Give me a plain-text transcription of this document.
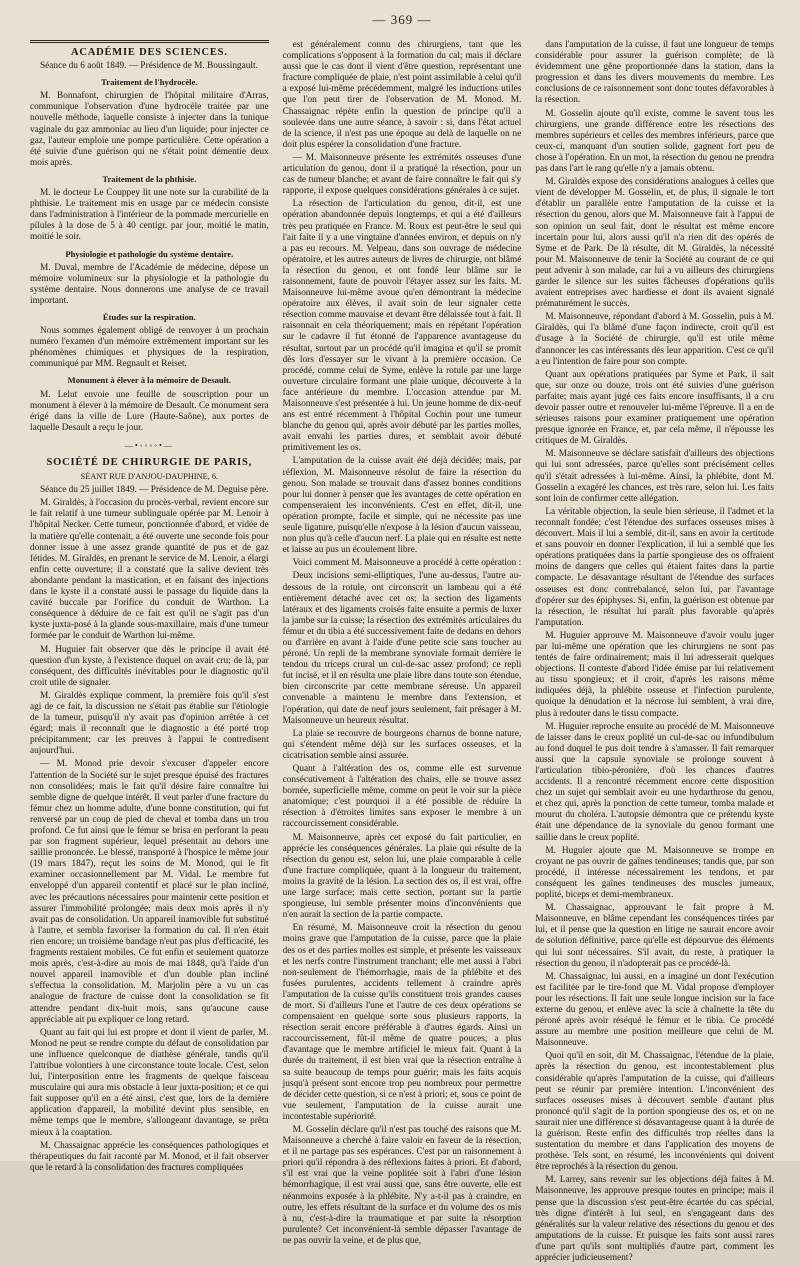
— 369 —
ACADÉMIE DES SCIENCES.

Séance du 6 août 1849. — Présidence de M. Boussingault.

Traitement de l'hydrocèle.

M. Bonnafont, chirurgien de l'hôpital militaire d'Arras, communique l'observation d'une hydrocèle traitée par une nouvelle méthode, laquelle consiste à injecter dans la tunique vaginale du gaz ammoniac au lieu d'un liquide; pour injecter ce gaz, l'auteur emploie une pompe particulière. Cette opération a été suivie d'une guérison qui ne s'était point démentie deux mois après.

Traitement de la phthisie.

M. le docteur Le Couppey lit une note sur la curabilité de la phthisie. Le traitement mis en usage par ce médecin consiste dans l'administration à l'intérieur de la pommade mercurielle en pilules à la dose de 5 à 40 centigr. par jour, moitié le matin, moitié le soir.

Physiologie et pathologie du système dentaire.

M. Duval, membre de l'Académie de médecine, dépose un mémoire volumineux sur la physiologie et la pathologie du système dentaire. Nous donnerons une analyse de ce travail important.

Études sur la respiration.

Nous sommes également obligé de renvoyer à un prochain numéro l'examen d'un mémoire extrêmement important sur les phénomènes chimiques et physiques de la respiration, communiqué par MM. Regnault et Reiset.

Monument à élever à la mémoire de Desault.

M. Lelut envoie une feuille de souscription pour un monument à élever à la mémoire de Desault. Ce monument sera érigé dans la ville de Lure (Haute-Saône), aux portes de laquelle Desault a reçu le jour.

—•◦◦◦◦•—
SOCIÉTÉ DE CHIRURGIE DE PARIS,
SÉANT RUE D'ANJOU-DAUPHINE, 6.

Séance du 25 juillet 1849. — Présidence de M. Deguise père.

M. Giraldès, à l'occasion du procès-verbal, revient encore sur le fait relatif à une tumeur sublinguale opérée par M. Lenoir à l'hôpital Necker. Cette tumeur, ponctionnée d'abord, et vidée de la matière qu'elle contenait, a été ouverte une seconde fois pour donner issue à une assez grande quantité de pus et de gaz fétides. M. Giraldès, en prenant le service de M. Lenoir, a élargi enfin cette ouverture; il a constaté que la salive devient très abondante pendant la mastication, et en faisant des injections dans le kyste il a constaté aussi le passage du liquide dans la cavité buccale par l'orifice du conduit de Warthon. La conséquence à déduire de ce fait est qu'il ne s'agit pas d'un kyste juxta-posé à la glande sous-maxillaire, mais d'une tumeur formée par le conduit de Warthon lui-même.

M. Huguier fait observer que dès le principe il avait été question d'un kyste, à l'existence duquel on avait cru; de là, par conséquent, des difficultés inévitables pour le diagnostic qu'il croit utile de signaler.

M. Giraldès explique comment, la première fois qu'il s'est agi de ce fait, la discussion ne s'était pas établie sur l'étiologie de la tumeur, puisqu'il n'y avait pas d'opinion arrêtée à cet égard; mais il reconnaît que le diagnostic a été porté trop précipitamment; car les preuves à l'appui le contredisent aujourd'hui.

— M. Monod prie devoir s'excuser d'appeler encore l'attention de la Société sur le sujet presque épuisé des fractures non consolidées; mais le fait qu'il désire faire connaître lui semble digne de quelque intérêt. Il veut parler d'une fracture du fémur chez un homme adulte, d'une bonne constitution, qui fut renversé par un coup de pied de cheval et tomba dans un trou profond. Ce fut ainsi que le fémur se brisa en perforant la peau par son fragment supérieur, lequel présentait au dehors une saillie prononcée. Le blessé, transporté à l'hospice le même jour (19 mars 1847), reçut les soins de M. Monod, qui le fit examiner occasionnellement par M. Vidal. Le membre fut enveloppé d'un appareil contentif et placé sur le plan incliné, avec les précautions nécessaires pour maintenir cette position et assurer l'immobilité prolongée; mais deux mois après il n'y avait pas de consolidation. Un appareil inamovible fut substitué à l'autre, et sembla favoriser la formation du cal. Il n'en était rien encore; un troisième bandage n'eut pas plus d'efficacité, les fragments restaient mobiles. Ce fut enfin et seulement quatorze mois après, c'est-à-dire au mois de mai 1848, qu'à l'aide d'un nouvel appareil inamovible et d'un double plan incliné s'effectua la consolidation. M. Marjolin père a vu un cas analogue de fracture de cuisse dont la consolidation se fit attendre pendant dix-huit mois, sans qu'aucune cause appréciable ait pu expliquer ce long retard.

Quant au fait qui lui est propre et dont il vient de parler, M. Monod ne peut se rendre compte du défaut de consolidation par une influence quelconque de diathèse générale, tandis qu'il l'attribue volontiers à une circonstance toute locale. C'est, selon lui, l'interposition entre les fragments de quelque faisceau musculaire qui aura mis obstacle à leur juxta-position; et ce qui fait supposer qu'il en a été ainsi, c'est que, lors de la dernière application d'appareil, la mobilité devint plus sensible, en même temps que le membre, s'allongeant davantage, se prêta mieux à la coaptation.

M. Chassaignac apprécie les conséquences pathologiques et thérapeutiques du fait raconté par M. Monod, et il fait observer que le retard à la consolidation des fractures compliquées

est généralement connu des chirurgiens, tant que les complications s'opposent à la formation du cal; mais il déclare aussi que le cas dont il vient d'être question, représentant une fracture compliquée de plaie, n'est point assimilable à celui qu'il a exposé lui-même précédemment, malgré les inductions utiles que l'on peut tirer de l'observation de M. Monod. M. Chassaignac répète enfin la question de principe qu'il a soulevée dans une autre séance, à savoir : si, dans l'état actuel de la science, il n'est pas une époque au delà de laquelle on ne doit plus espérer la consolidation d'une fracture.

— M. Maisonneuve présente les extrémités osseuses d'une articulation du genou, dont il a pratiqué la résection, pour un cas de tumeur blanche; et avant de faire connaître le fait qui s'y rapporte, il expose quelques considérations générales à ce sujet.

La résection de l'articulation du genou, dit-il, est une opération abandonnée depuis longtemps, et qui a été d'ailleurs très peu pratiquée en France. M. Roux est peut-être le seul qui l'ait faite il y a une vingtaine d'années environ, et depuis on n'y a pas eu recours. M. Velpeau, dans son ouvrage de médecine opératoire, et les autres auteurs de livres de chirurgie, ont blâmé la résection du genou, et ont fondé leur blâme sur le raisonnement, faute de pouvoir l'étayer assez sur les faits. M. Maisonneuve lui-même avoue qu'en démontrant la médecine opératoire aux élèves, il avait soin de leur signaler cette résection comme mauvaise et devant être délaissée tout à fait. Il raisonnait en cela théoriquement; mais en répétant l'opération sur le cadavre il fut étonné de l'apparence avantageuse du résultat, surtout par un procédé qu'il imagina et qu'il se promit dès lors d'essayer sur le vivant à la première occasion. Ce procédé, comme celui de Syme, enlève la rotule par une large ouverture circulaire formant une plaie unique, découverte à la face antérieure du membre. L'occasion attendue par M. Maisonneuve s'est présentée à lui. Un jeune homme de dix-neuf ans est entré récemment à l'hôpital Cochin pour une tumeur blanche du genou qui, après avoir débuté par les parties molles, avait envahi les parties dures, et semblait avoir débuté primitivement les os.

L'amputation de la cuisse avait été déjà décidée; mais, par réflexion, M. Maisonneuve résolut de faire la résection du genou. Son malade se trouvait dans d'assez bonnes conditions pour lui donner à penser que les avantages de cette opération en compenseraient les inconvénients. C'est en effet, dit-il, une opération prompte, facile et simple, qui ne nécessite pas une seule ligature, puisqu'elle n'expose à la lésion d'aucun vaisseau, non plus qu'à celle d'aucun nerf. La plaie qui en résulte est nette et laisse au pus un écoulement libre.

Voici comment M. Maisonneuve a procédé à cette opération :

Deux incisions semi-elliptiques, l'une au-dessus, l'autre au-dessous de la rotule, ont circonscrit un lambeau qui a été entièrement détaché avec cet os; la section des ligaments latéraux et des ligaments croisés faite ensuite a permis de luxer la jambe sur la cuisse; la résection des extrémités articulaires du fémur et du tibia a été successivement faite de dedans en dehors ou d'arrière en avant à l'aide d'une petite scie sans toucher au péroné. Un repli de la membrane synoviale formait derrière le tendon du triceps crural un cul-de-sac assez profond; ce repli fut incisé, et il en résulta une plaie libre dans toute son étendue, bien circonscrite par cette membrane séreuse. Un appareil convenable a maintenu le membre dans l'extension, et l'opération, qui date de neuf jours seulement, fait présager à M. Maisonneuve un heureux résultat.

La plaie se recouvre de bourgeons charnus de bonne nature, qui s'étendent même déjà sur les surfaces osseuses, et la cicatrisation semble ainsi assurée.

Quant à l'altération des os, comme elle est survenue consécutivement à l'altération des chairs, elle se trouve assez bornée, superficielle même, comme on peut le voir sur la pièce anatomique; c'est pourquoi il a été possible de réduire la résection à d'étroites limites sans exposer le membre à un raccourcissement considérable.

M. Maisonneuve, après cet exposé du fait particulier, en apprécie les conséquences générales. La plaie qui résulte de la résection du genou est, selon lui, une plaie comparable à celle d'une fracture compliquée, quant à la longueur du traitement, moins la gravité de la lésion. La section des os, il est vrai, offre une large surface; mais cette section, portant sur la partie spongieuse, lui semble présenter moins d'inconvénients que n'en aurait la section de la partie compacte.

En résumé, M. Maisonneuve croit la résection du genou moins grave que l'amputation de la cuisse, parce que la plaie des os et des parties molles est simple, et présente les vaisseaux et les nerfs contre l'instrument tranchant; elle met aussi à l'abri non-seulement de l'hémorrhagie, mais de la phlébite et des fusées purulentes, accidents tellement à craindre après l'amputation de la cuisse qu'ils constituent trois grandes causes de mort. Si d'ailleurs l'une et l'autre de ces deux opérations se compensaient en quelque sorte sous plusieurs rapports, la résection serait encore préférable à d'autres égards. Ainsi un raccourcissement, fût-il même de quatre pouces, a plus d'avantage que le membre artificiel le mieux fait. Quant à la durée du traitement, il est bien vrai que la résection entraîne à sa suite beaucoup de temps pour guérir; mais les faits acquis jusqu'à présent sont encore trop peu nombreux pour permettre de décider cette question, si ce n'est à priori; et, sous ce point de vue seulement, l'amputation de la cuisse aurait une incontestable supériorité.

M. Gosselin déclare qu'il n'est pas touché des raisons que M. Maisonneuve a cherché à faire valoir en faveur de la résection, et il ne partage pas ses espérances. C'est par un raisonnement à priori qu'il répondra à des réflexions faites à priori. Et d'abord, s'il est vrai que la veine poplitée soit à l'abri d'une lésion hémorrhagique, il est vrai aussi que, sans être ouverte, elle est néanmoins exposée à la phlébite. N'y a-t-il pas à craindre, en outre, les effets résultant de la surface et du volume des os mis à nu, c'est-à-dire la traumatique et par suite la résorption purulente? Cet inconvénient-là semble dépasser l'avantage de ne pas ouvrir la veine, et de plus que,

dans l'amputation de la cuisse, il faut une longueur de temps considérable pour assurer la guérison complète; de là évidemment une gêne proportionnée dans la station, dans la progression et dans les divers mouvements du membre. Les conclusions de ce raisonnement sont donc toutes défavorables à la résection.

M. Gosselin ajoute qu'il existe, comme le savent tous les chirurgiens, une grande différence entre les résections des membres supérieurs et celles des membres inférieurs, parce que ceux-ci, manquant d'un soutien solide, gagnent fort peu de chose à l'opération. En un mot, la résection du genou ne prendra pas dans l'art le rang qu'elle n'y a jamais obtenu.

M. Giraldès expose des considérations analogues à celles que vient de développer M. Gosselin, et, de plus, il signale le tort d'établir un parallèle entre l'amputation de la cuisse et la résection du genou, alors que M. Maisonneuve fait à l'appui de son opinion un seul fait, dont le résultat est même encore incertain pour lui, alors aussi qu'il n'a rien dit des opérés de Syme et de Park. De là résulte, dit M. Giraldès, la nécessité pour M. Maisonneuve de tenir la Société au courant de ce qui peut advenir à son malade, car lui a vu ailleurs des chirurgiens garder le silence sur les suites fâcheuses d'opérations qu'ils avaient entreprises avec hardiesse et dont ils avaient signalé prématurément le succès.

M. Maisonneuve, répondant d'abord à M. Gosselin, puis à M. Giraldès, qui l'a blâmé d'une façon indirecte, croit qu'il est d'usage à la Société de chirurgie, qu'il est utile même d'annoncer les cas intéressants dès leur apparition. C'est ce qu'il a eu l'intention de faire pour son compte.

Quant aux opérations pratiquées par Syme et Park, il sait que, sur onze ou douze, trois ont été suivies d'une guérison parfaite; mais ayant jugé ces faits encore insuffisants, il a cru devoir passer outre et renouveler lui-même l'épreuve. Il a en de sérieuses raisons pour examiner pratiquement une opération presque ignorée en France, et, par cela même, il n'épousse les critiques de M. Giraldès.

M. Maisonneuve se déclare satisfait d'ailleurs des objections qui lui sont adressées, parce qu'elles sont précisément celles qu'il s'était adressées à lui-même. Ainsi, la phlébite, dont M. Gosselin a exagéré les chances, est très rare, selon lui. Les faits sont loin de confirmer cette allégation.

La véritable objection, la seule bien sérieuse, il l'admet et la reconnaît fondée; c'est l'étendue des surfaces osseuses mises à découvert. Mais il lui a semblé, dit-il, sans en avoir la certitude et sans pouvoir en donner l'explication, il lui a semblé que les opérations pratiquées dans la partie spongieuse des os offraient moins de dangers que celles qui étaient faites dans la partie compacte. Le désavantage résultant de l'étendue des surfaces osseuses est donc contrebalancé, selon lui, par l'avantage d'opérer sur des épiphyses. Si, enfin, la guérison est obtenue par la résection, le résultat lui paraît plus favorable qu'après l'amputation.

M. Huguier approuve M. Maisonneuve d'avoir voulu juger par lui-même une opération que les chirurgiens ne sont pas tentés de faire ordinairement; mais il lui adresserait quelques objections. Il conteste d'abord l'idée émise par lui relativement au tissu spongieux; et il croit, d'après les raisons même indiquées déjà, la phlébite osseuse et l'infection purulente, quoique la dénudation et la nécrose lui semblent, à vrai dire, plus à redouter dans le tissu compacte.

M. Huguier reproche ensuite au procédé de M. Maisonneuve de laisser dans le creux poplité un cul-de-sac ou infundibulum au fond duquel le pus doit tendre à s'amasser. Il fait remarquer aussi que la capsule synoviale se prolonge souvent à l'articulation tibio-péronière, d'où les chances d'autres accidents. Il a rencontré récemment encore cette disposition chez un sujet qui semblait avoir eu une hydarthrose du genou, et chez qui, après la ponction de cette tumeur, tomba malade et mourut du choléra. L'autopsie démontra que ce prétendu kyste était une dépendance de la synoviale du genou formant une saillie dans le creux poplité.

M. Huguier ajoute que M. Maisonneuve se trompe en croyant ne pas ouvrir de gaînes tendineuses; tandis que, par son procédé, il intéresse nécessairement les tendons, et par conséquent les gaînes tendineuses des muscles jumeaux, poplité, biceps et demi-membraneux.

M. Chassaignac, approuvant le fait propre à M. Maisonneuve, en blâme cependant les conséquences tirées par lui, et il pense que la question en litige ne saurait encore avoir de solution définitive, parce qu'elle est dépourvue des éléments qui lui sont nécessaires. S'il avait, du reste, à pratiquer la résection du genou, il n'adopterait pas ce procédé-là.

M. Chassaignac, lui aussi, en a imaginé un dont l'exécution est facilitée par le tire-fond que M. Vidal propose d'employer pour les résections. Il fait une seule longue incision sur la face externe du genou, et enlève avec la scie à chaînette la tête du péroné après avoir réséqué le fémur et le tibia. Ce procédé assure au membre une position meilleure que celui de M. Maisonneuve.

Quoi qu'il en soit, dit M. Chassaignac, l'étendue de la plaie, après la résection du genou, est incontestablement plus considérable qu'après l'amputation de la cuisse, qui d'ailleurs peut se réunir par première intention. L'inconvénient des surfaces osseuses mises à découvert semble d'autant plus prononcé qu'il s'agit de la portion spongieuse des os, et on ne saurait nier une différence si désavantageuse quant à la durée de la guérison. Reste enfin des difficultés trop réelles dans la sustentation du membre et dans l'application des moyens de prothèse. Tels sont, en résumé, les inconvénients qui doivent être reprochés à la résection du genou.

M. Larrey, sans revenir sur les objections déjà faites à M. Maisonneuve, les approuve presque toutes en principe; mais il pense que la discussion s'est peut-être écartée du cas spécial, très digne d'intérêt à lui seul, en s'engageant dans des généralités sur la valeur relative des résections du genou et des amputations de la cuisse. Et puisque les faits sont aussi rares d'une part qu'ils sont multipliés d'autre part, comment les apprécier judicieusement?
